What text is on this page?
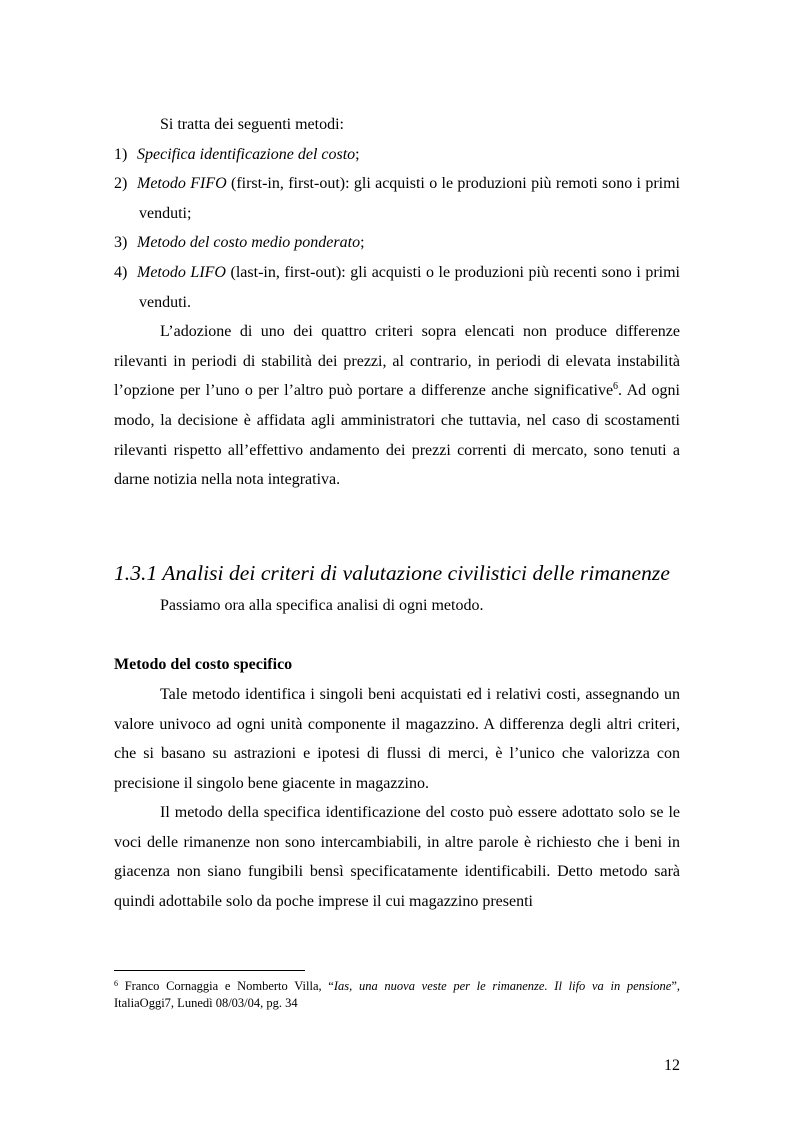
Si tratta dei seguenti metodi:

1) Specifica identificazione del costo;

2) Metodo FIFO (first-in, first-out): gli acquisti o le produzioni più remoti sono i primi venduti;

3) Metodo del costo medio ponderato;

4) Metodo LIFO (last-in, first-out): gli acquisti o le produzioni più recenti sono i primi venduti.

L’adozione di uno dei quattro criteri sopra elencati non produce differenze rilevanti in periodi di stabilità dei prezzi, al contrario, in periodi di elevata instabilità l’opzione per l’uno o per l’altro può portare a differenze anche significative$^6$. Ad ogni modo, la decisione è affidata agli amministratori che tuttavia, nel caso di scostamenti rilevanti rispetto all’effettivo andamento dei prezzi correnti di mercato, sono tenuti a darne notizia nella nota integrativa.

1.3.1 Analisi dei criteri di valutazione civilistici delle rimanenze

Passiamo ora alla specifica analisi di ogni metodo.

Metodo del costo specifico

Tale metodo identifica i singoli beni acquistati ed i relativi costi, assegnando un valore univoco ad ogni unità componente il magazzino. A differenza degli altri criteri, che si basano su astrazioni e ipotesi di flussi di merci, è l’unico che valorizza con precisione il singolo bene giacente in magazzino.

Il metodo della specifica identificazione del costo può essere adottato solo se le voci delle rimanenze non sono intercambiabili, in altre parole è richiesto che i beni in giacenza non siano fungibili bensì specificatamente identificabili. Detto metodo sarà quindi adottabile solo da poche imprese il cui magazzino presenti

$^6$ Franco Cornaggia e Nomberto Villa, “Ias, una nuova veste per le rimanenze. Il lifo va in pensione”, ItaliaOggi7, Lunedì 08/03/04, pg. 34
12
